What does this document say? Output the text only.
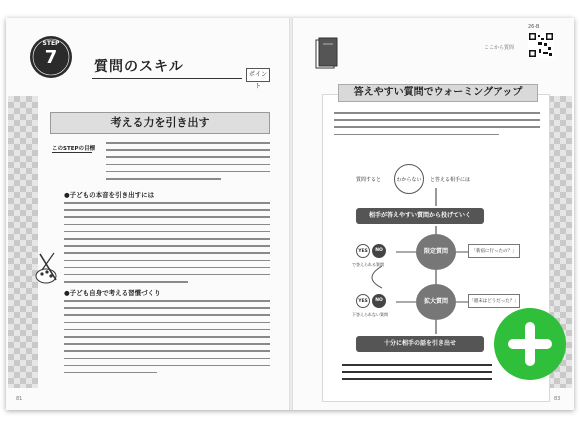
STEP
7	質問のスキル	ポイント
考える力を引き出す
このSTEPの目標
●子どもの本音を引き出すには
●子ども自身で考える習慣づくり
81
ここから質問
26-B
答えやすい質問でウォーミングアップ
わからない
質問すると	と答える相手には
相手が答えやすい質問から投げていく
YES	NO
で答えられる質問
限定質問	「新宿に行ったの？」
YES	NO
下答えられない質問
拡大質問	「週末はどうだった？」
十分に相手の話を引き出せ
83
